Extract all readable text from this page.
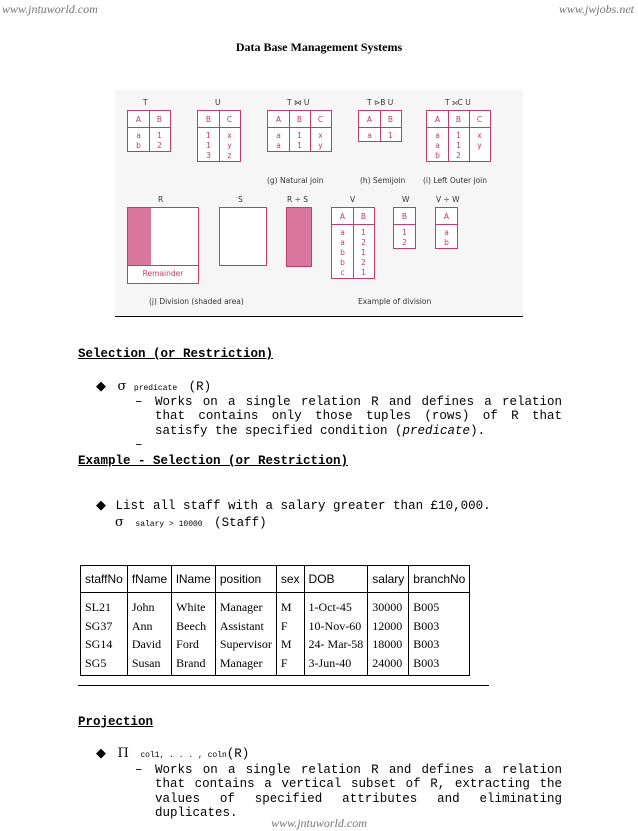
www.jntuworld.com	www.jwjobs.net
Data Base Management Systems
T	U	T ⋈ U	T ⊳B U	T ⟕C U
A	B
a	1
b	2
B	C
1	x
1	y
3	z
A	B	C
a	1	x
a	1	y
A	B
a	1
A	B	C
a	1	x
a	1	y
b	2
(g) Natural join	(h) Semijoin (i) Left Outer join
R	S	R ÷ S	V	W	V ÷ W
Remainder
A	B
a	1
a	2
b	1
b	2
c	1
B
1
2
A
a
b
(j) Division (shaded area)	Example of division
Selection (or Restriction)
◆ σ predicate (R)
– Works on a single relation R and defines a relation
that contains only those tuples (rows) of R that
satisfy the specified condition (predicate).
–
Example - Selection (or Restriction)
◆ List all staff with a salary greater than £10,000.
σ salary > 10000 (Staff)
staffNo	fName	lName	position	sex	DOB	salary	branchNo
SL21	John	White	Manager	M	1-Oct-45	30000	B005
SG37	Ann	Beech	Assistant	F	10-Nov-60	12000	B003
SG14	David	Ford	Supervisor	M	24- Mar-58	18000	B003
SG5	Susan	Brand	Manager	F	3-Jun-40	24000	B003
Projection
◆ Π col1, . . . , coln(R)
– Works on a single relation R and defines a relation
that contains a vertical subset of R, extracting the
values of specified attributes and eliminating
duplicates.
www.jntuworld.com
